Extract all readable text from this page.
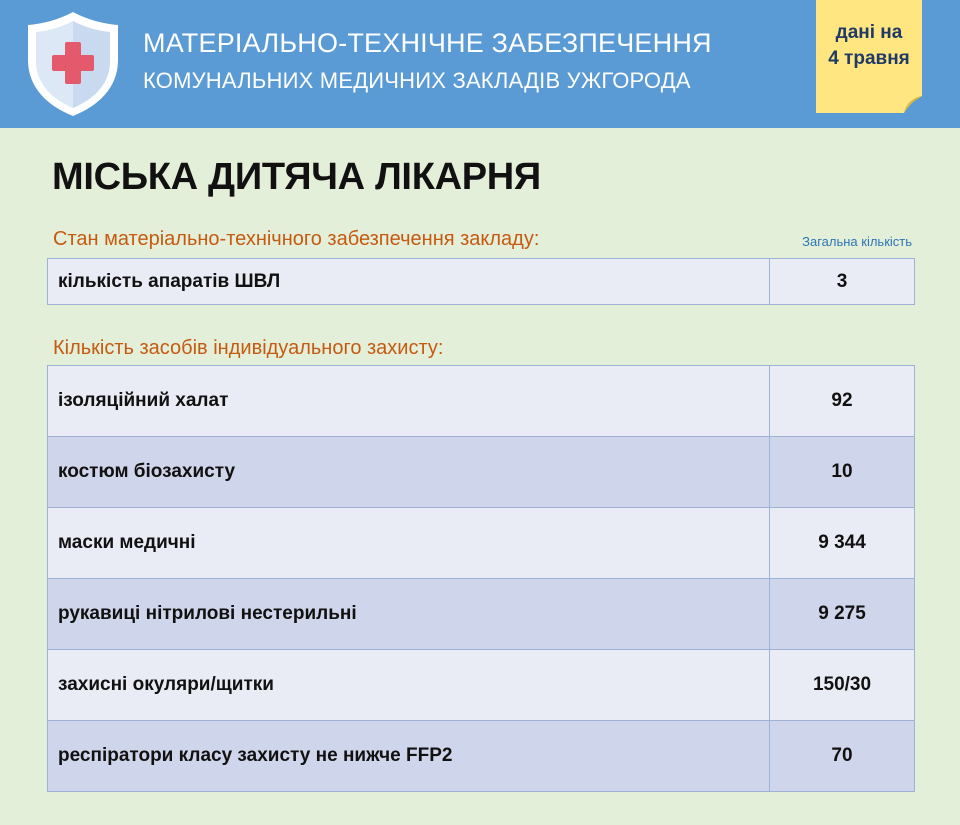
МАТЕРІАЛЬНО-ТЕХНІЧНЕ ЗАБЕЗПЕЧЕННЯ
КОМУНАЛЬНИХ МЕДИЧНИХ ЗАКЛАДІВ УЖГОРОДА
дані на
4 травня
МІСЬКА ДИТЯЧА ЛІКАРНЯ
Стан матеріально-технічного забезпечення закладу:	Загальна кількість
кількість апаратів ШВЛ	3
Кількість засобів індивідуального захисту:
ізоляційний халат	92
костюм біозахисту	10
маски медичні	9 344
рукавиці нітрилові нестерильні	9 275
захисні окуляри/щитки	150/30
респіратори класу захисту не нижче FFP2	70
